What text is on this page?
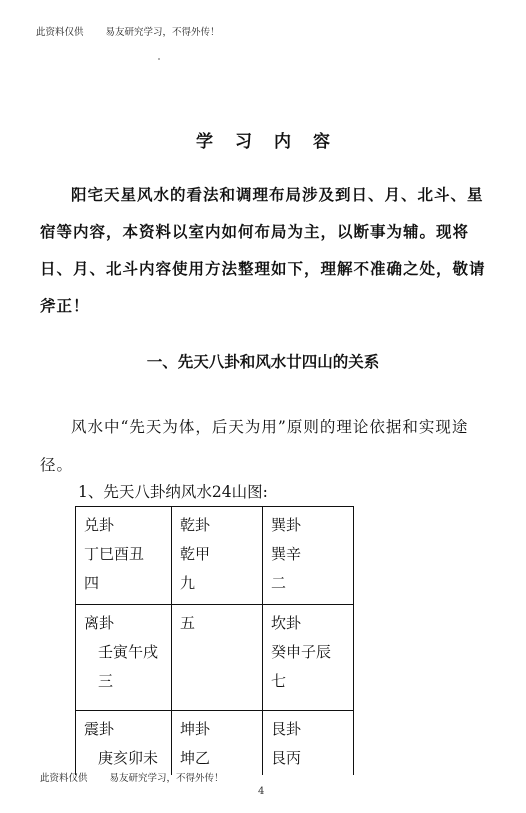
此资料仅供 易友研究学习，不得外传！
学习内容
阳宅天星风水的看法和调理布局涉及到日、月、北斗、星宿等内容，本资料以室内如何布局为主，以断事为辅。现将日、月、北斗内容使用方法整理如下，理解不准确之处，敬请斧正！
一、先天八卦和风水廿四山的关系
风水中“先天为体，后天为用”原则的理论依据和实现途径。
1、先天八卦纳风水24山图:
兑卦
丁巳酉丑
四	乾卦
乾甲
九	巽卦
巽辛
二

离卦
壬寅午戌
三	五	坎卦
癸申子辰
七

震卦
庚亥卯未	坤卦
坤乙	艮卦
艮丙
此资料仅供 易友研究学习，不得外传！
4
